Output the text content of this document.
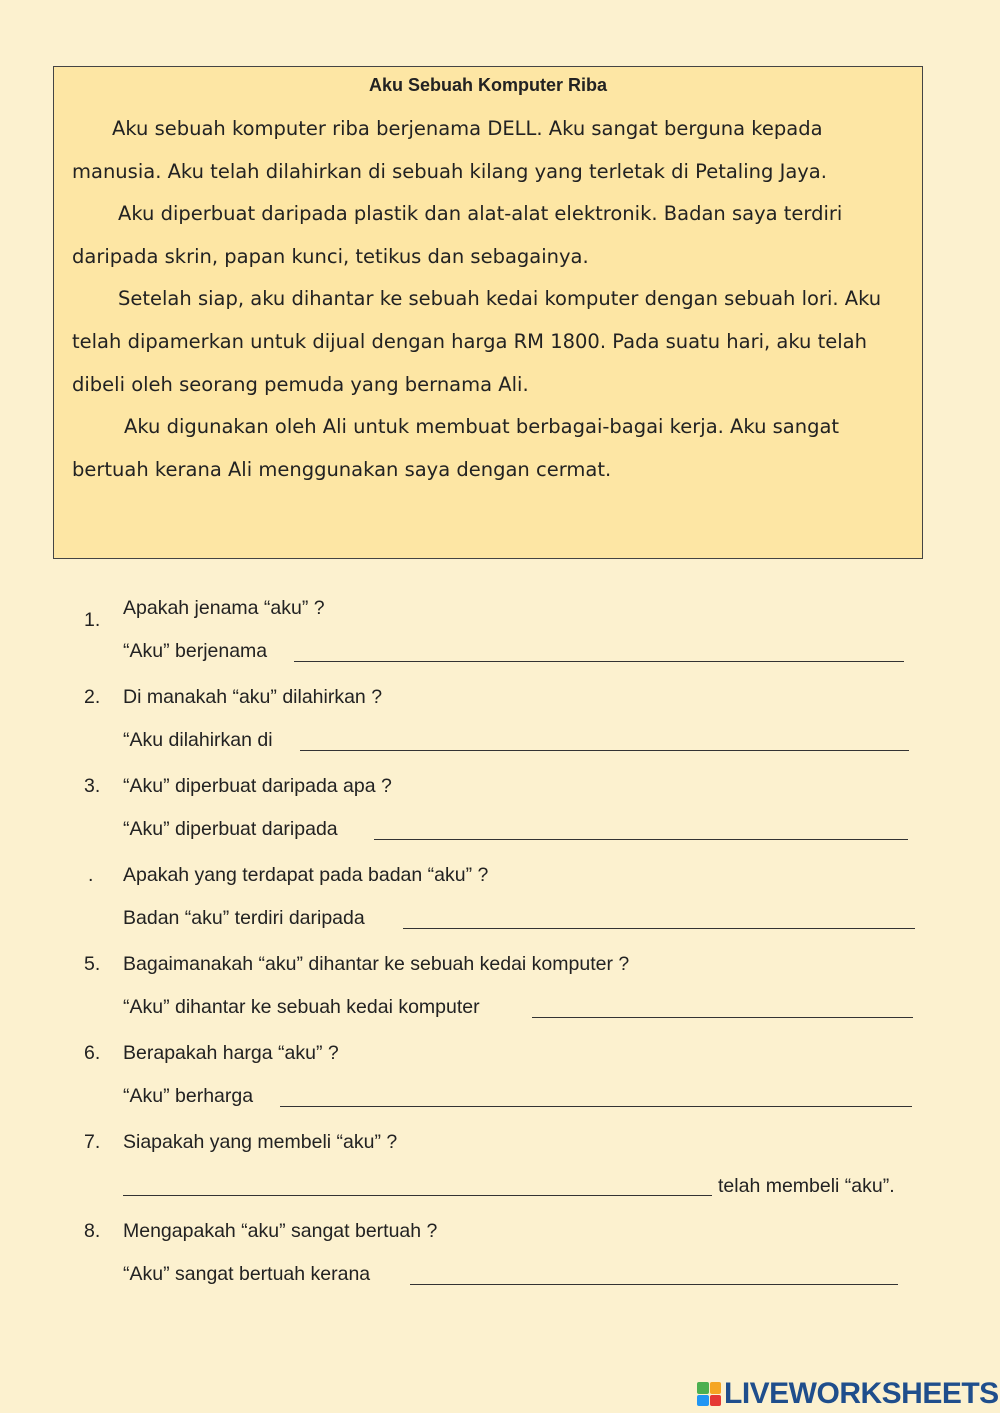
Aku Sebuah Komputer Riba

Aku sebuah komputer riba berjenama DELL. Aku sangat berguna kepada manusia. Aku telah dilahirkan di sebuah kilang yang terletak di Petaling Jaya.

Aku diperbuat daripada plastik dan alat-alat elektronik. Badan saya terdiri daripada skrin, papan kunci, tetikus dan sebagainya.

Setelah siap, aku dihantar ke sebuah kedai komputer dengan sebuah lori. Aku telah dipamerkan untuk dijual dengan harga RM 1800. Pada suatu hari, aku telah dibeli oleh seorang pemuda yang bernama Ali.

Aku digunakan oleh Ali untuk membuat berbagai-bagai kerja. Aku sangat bertuah kerana Ali menggunakan saya dengan cermat.

1.
Apakah jenama “aku” ?
“Aku” berjenama
2. Di manakah “aku” dilahirkan ?
“Aku dilahirkan di
3. “Aku” diperbuat daripada apa ?
“Aku” diperbuat daripada
. Apakah yang terdapat pada badan “aku” ?
Badan “aku” terdiri daripada
5. Bagaimanakah “aku” dihantar ke sebuah kedai komputer ?
“Aku” dihantar ke sebuah kedai komputer
6. Berapakah harga “aku” ?
“Aku” berharga
7. Siapakah yang membeli “aku” ?
telah membeli “aku”.
8. Mengapakah “aku” sangat bertuah ?
“Aku” sangat bertuah kerana
LIVEWORKSHEETS
